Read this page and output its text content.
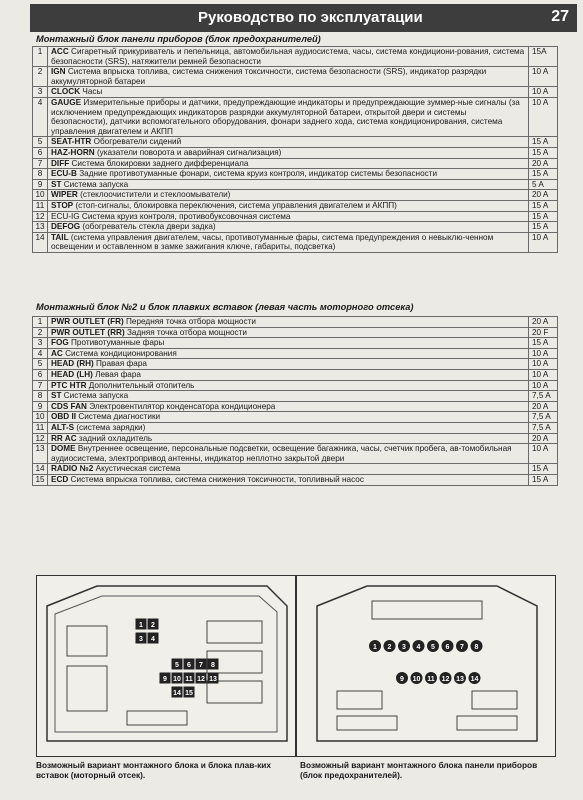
Руководство по эксплуатации	27
Монтажный блок панели приборов (блок предохранителей)
1	ACC Сигаретный прикуриватель и пепельница, автомобильная аудиосистема, часы, система кондициони-рования, система безопасности (SRS), натяжители ремней безопасности	15A
2	IGN Система впрыска топлива, система снижения токсичности, система безопасности (SRS), индикатор разрядки аккумуляторной батареи	10 A
3	CLOCK Часы	10 A
4	GAUGE Измерительные приборы и датчики, предупреждающие индикаторы и предупреждающие зуммер-ные сигналы (за исключением предупреждающих индикаторов разрядки аккумуляторной батареи, открытой двери и системы безопасности), датчики вспомогательного оборудования, фонари заднего хода, система кондиционирования, система управления двигателем и АКПП	10 A
5	SEAT-HTR Обогреватели сидений	15 A
6	HAZ-HORN (указатели поворота и аварийная сигнализация)	15 A
7	DIFF Система блокировки заднего дифференциала	20 A
8	ECU-B Задние противотуманные фонари, система круиз контроля, индикатор системы безопасности	15 A
9	ST Система запуска	5 A
10	WIPER (стеклоочистители и стеклоомыватели)	20 A
11	STOP (стоп-сигналы, блокировка переключения, система управления двигателем и АКПП)	15 A
12	ECU-IG Система круиз контроля, противобуксовочная система	15 A
13	DEFOG (обогреватель стекла двери задка)	15 A
14	TAIL (система управления двигателем, часы, противотуманные фары, система предупреждения о невыклю-ченном освещении и оставленном в замке зажигания ключе, габариты, подсветка)	10 A
Монтажный блок №2 и блок плавких вставок (левая часть моторного отсека)
1	PWR OUTLET (FR) Передняя точка отбора мощности	20 A
2	PWR OUTLET (RR) Задняя точка отбора мощности	20 F
3	FOG Противотуманные фары	15 A
4	AC Система кондиционирования	10 A
5	HEAD (RH) Правая фара	10 A
6	HEAD (LH) Левая фара	10 A
7	PTC HTR Дополнительный отопитель	10 A
8	ST Система запуска	7,5 A
9	CDS FAN Электровентилятор конденсатора кондиционера	20 A
10	OBD II Система диагностики	7,5 A
11	ALT-S (система зарядки)	7,5 A
12	RR AC задний охладитель	20 A
13	DOME Внутреннее освещение, персональные подсветки, освещение багажника, часы, счетчик пробега, ав-томобильная аудиосистема, электропривод антенны, индикатор неплотно закрытой двери	10 A
14	RADIO №2 Акустическая система	15 A
15	ECD Система впрыска топлива, система снижения токсичности, топливный насос	15 A
1 2
3 4
5 6 7 8
9 10 11 12 13
14 15
Возможный вариант монтажного блока и блока плав-ких вставок (моторный отсек).
1 2 3 4 5 6 7 8
9 10 11 12 13 14
Возможный вариант монтажного блока панели приборов (блок предохранителей).
